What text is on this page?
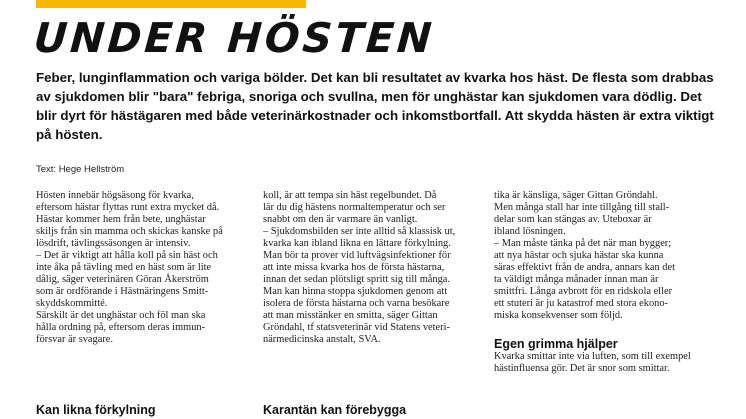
UNDER HÖSTEN

Feber, lunginflammation och variga bölder. Det kan bli resultatet av kvarka hos häst. De flesta som drabbas av sjukdomen blir "bara" febriga, snoriga och svullna, men för unghästar kan sjukdomen vara dödlig. Det blir dyrt för hästägaren med både veterinärkostnader och inkomstbortfall. Att skydda hästen är extra viktigt på hösten.

Text: Hege Hellström

Hösten innebär högsäsong för kvarka,

eftersom hästar flyttas runt extra mycket då.

Hästar kommer hem från bete, unghästar

skiljs från sin mamma och skickas kanske på

lösdrift, tävlingssäsongen är intensiv.

– Det är viktigt att hålla koll på sin häst och

inte åka på tävling med en häst som är lite

dålig, säger veterinären Göran Åkerström

som är ordförande i Hästnäringens Smitt-

skyddskommitté.

Särskilt är det unghästar och föl man ska

hålla ordning på, eftersom deras immun-

försvar är svagare.

koll, är att tempa sin häst regelbundet. Då

lär du dig hästens normaltemperatur och ser

snabbt om den är varmare än vanligt.

– Sjukdomsbilden ser inte alltid så klassisk ut,

kvarka kan ibland likna en lättare förkylning.

Man bör ta prover vid luftvägsinfektioner för

att inte missa kvarka hos de första hästarna,

innan det sedan plötsligt spritt sig till många.

Man kan hinna stoppa sjukdomen genom att

isolera de första hästarna och varna besökare

att man misstänker en smitta, säger Gittan

Gröndahl, tf statsveterinär vid Statens veteri-

närmedicinska anstalt, SVA.

tika är känsliga, säger Gittan Gröndahl.

Men många stall har inte tillgång till stall-

delar som kan stängas av. Uteboxar är

ibland lösningen.

– Man måste tänka på det när man bygger;

att nya hästar och sjuka hästar ska kunna

säras effektivt från de andra, annars kan det

ta väldigt många månader innan man är

smittfri. Långa avbrott för en ridskola eller

ett stuteri är ju katastrof med stora ekono-

miska konsekvenser som följd.

Egen grimma hjälper

Kvarka smittar inte via luften, som till exempel

hästinfluensa gör. Det är snor som smittar.

Kan likna förkylning	Karantän kan förebygga
